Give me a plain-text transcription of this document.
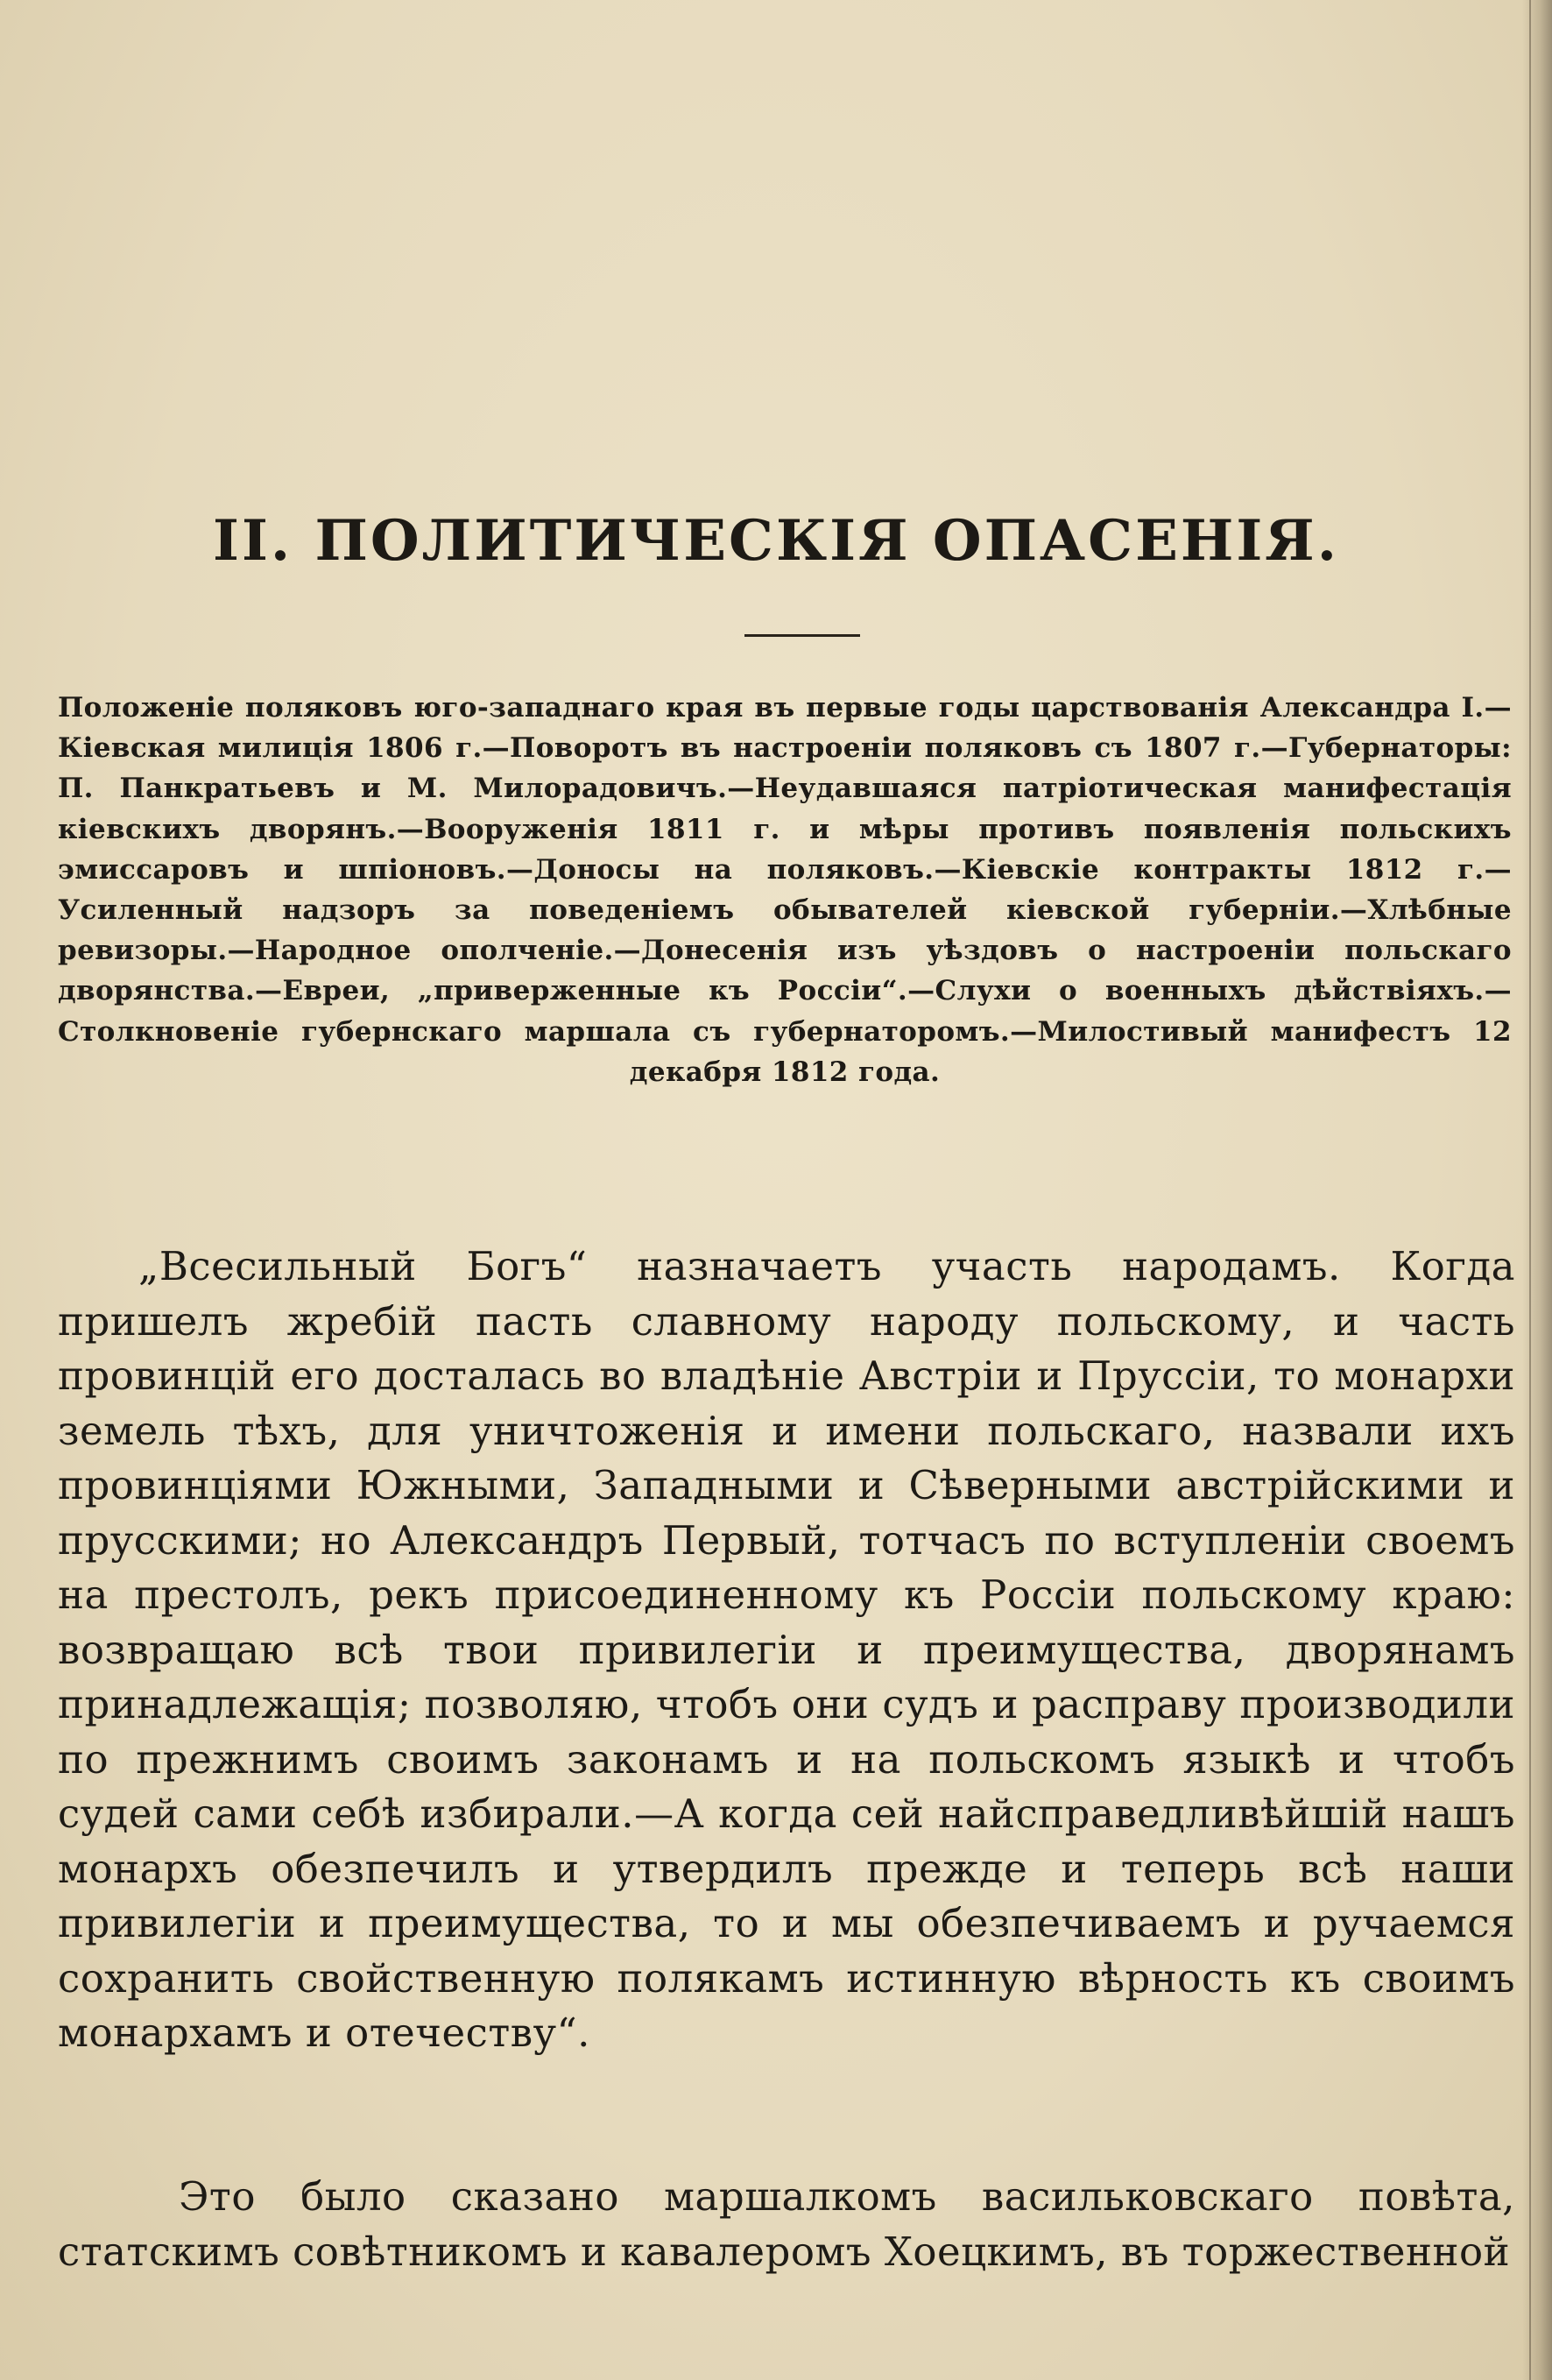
II. ПОЛИТИЧЕСКІЯ ОПАСЕНІЯ.

Положеніе поляковъ юго-западнаго края въ первые годы царствованія Александра I.—Кіевская милиція 1806 г.—Поворотъ въ настроеніи поляковъ съ 1807 г.—Губернаторы: П. Панкратьевъ и М. Милорадовичъ.—Неудавшаяся патріотическая манифестація кіевскихъ дворянъ.—Вооруженія 1811 г. и мѣры противъ появленія польскихъ эмиссаровъ и шпіоновъ.—Доносы на поляковъ.—Кіевскіе контракты 1812 г.—Усиленный надзоръ за поведеніемъ обывателей кіевской губерніи.—Хлѣбные ревизоры.—Народное ополченіе.—Донесенія изъ уѣздовъ о настроеніи польскаго дворянства.—Евреи, „приверженные къ Россіи“.—Слухи о военныхъ дѣйствіяхъ.—Столкновеніе губернскаго маршала съ губернаторомъ.—Милостивый манифестъ 12 декабря 1812 года.

„Всесильный Богъ“ назначаетъ участь народамъ. Когда пришелъ жребій пасть славному народу польскому, и часть провинцій его досталась во владѣніе Австріи и Пруссіи, то монархи земель тѣхъ, для уничтоженія и имени польскаго, назвали ихъ провинціями Южными, Западными и Сѣверными австрійскими и прусскими; но Александръ Первый, тотчасъ по вступленіи своемъ на престолъ, рекъ присоединенному къ Россіи польскому краю: возвращаю всѣ твои привилегіи и преимущества, дворянамъ принадлежащія; позволяю, чтобъ они судъ и расправу производили по прежнимъ своимъ законамъ и на польскомъ языкѣ и чтобъ судей сами себѣ избирали.—А когда сей найсправедливѣйшій нашъ монархъ обезпечилъ и утвердилъ прежде и теперь всѣ наши привилегіи и преимущества, то и мы обезпечиваемъ и ручаемся сохранить свойственную полякамъ истинную вѣрность къ своимъ монархамъ и отечеству“.

Это было сказано маршалкомъ васильковскаго повѣта, статскимъ совѣтникомъ и кавалеромъ Хоецкимъ, въ торжественной
